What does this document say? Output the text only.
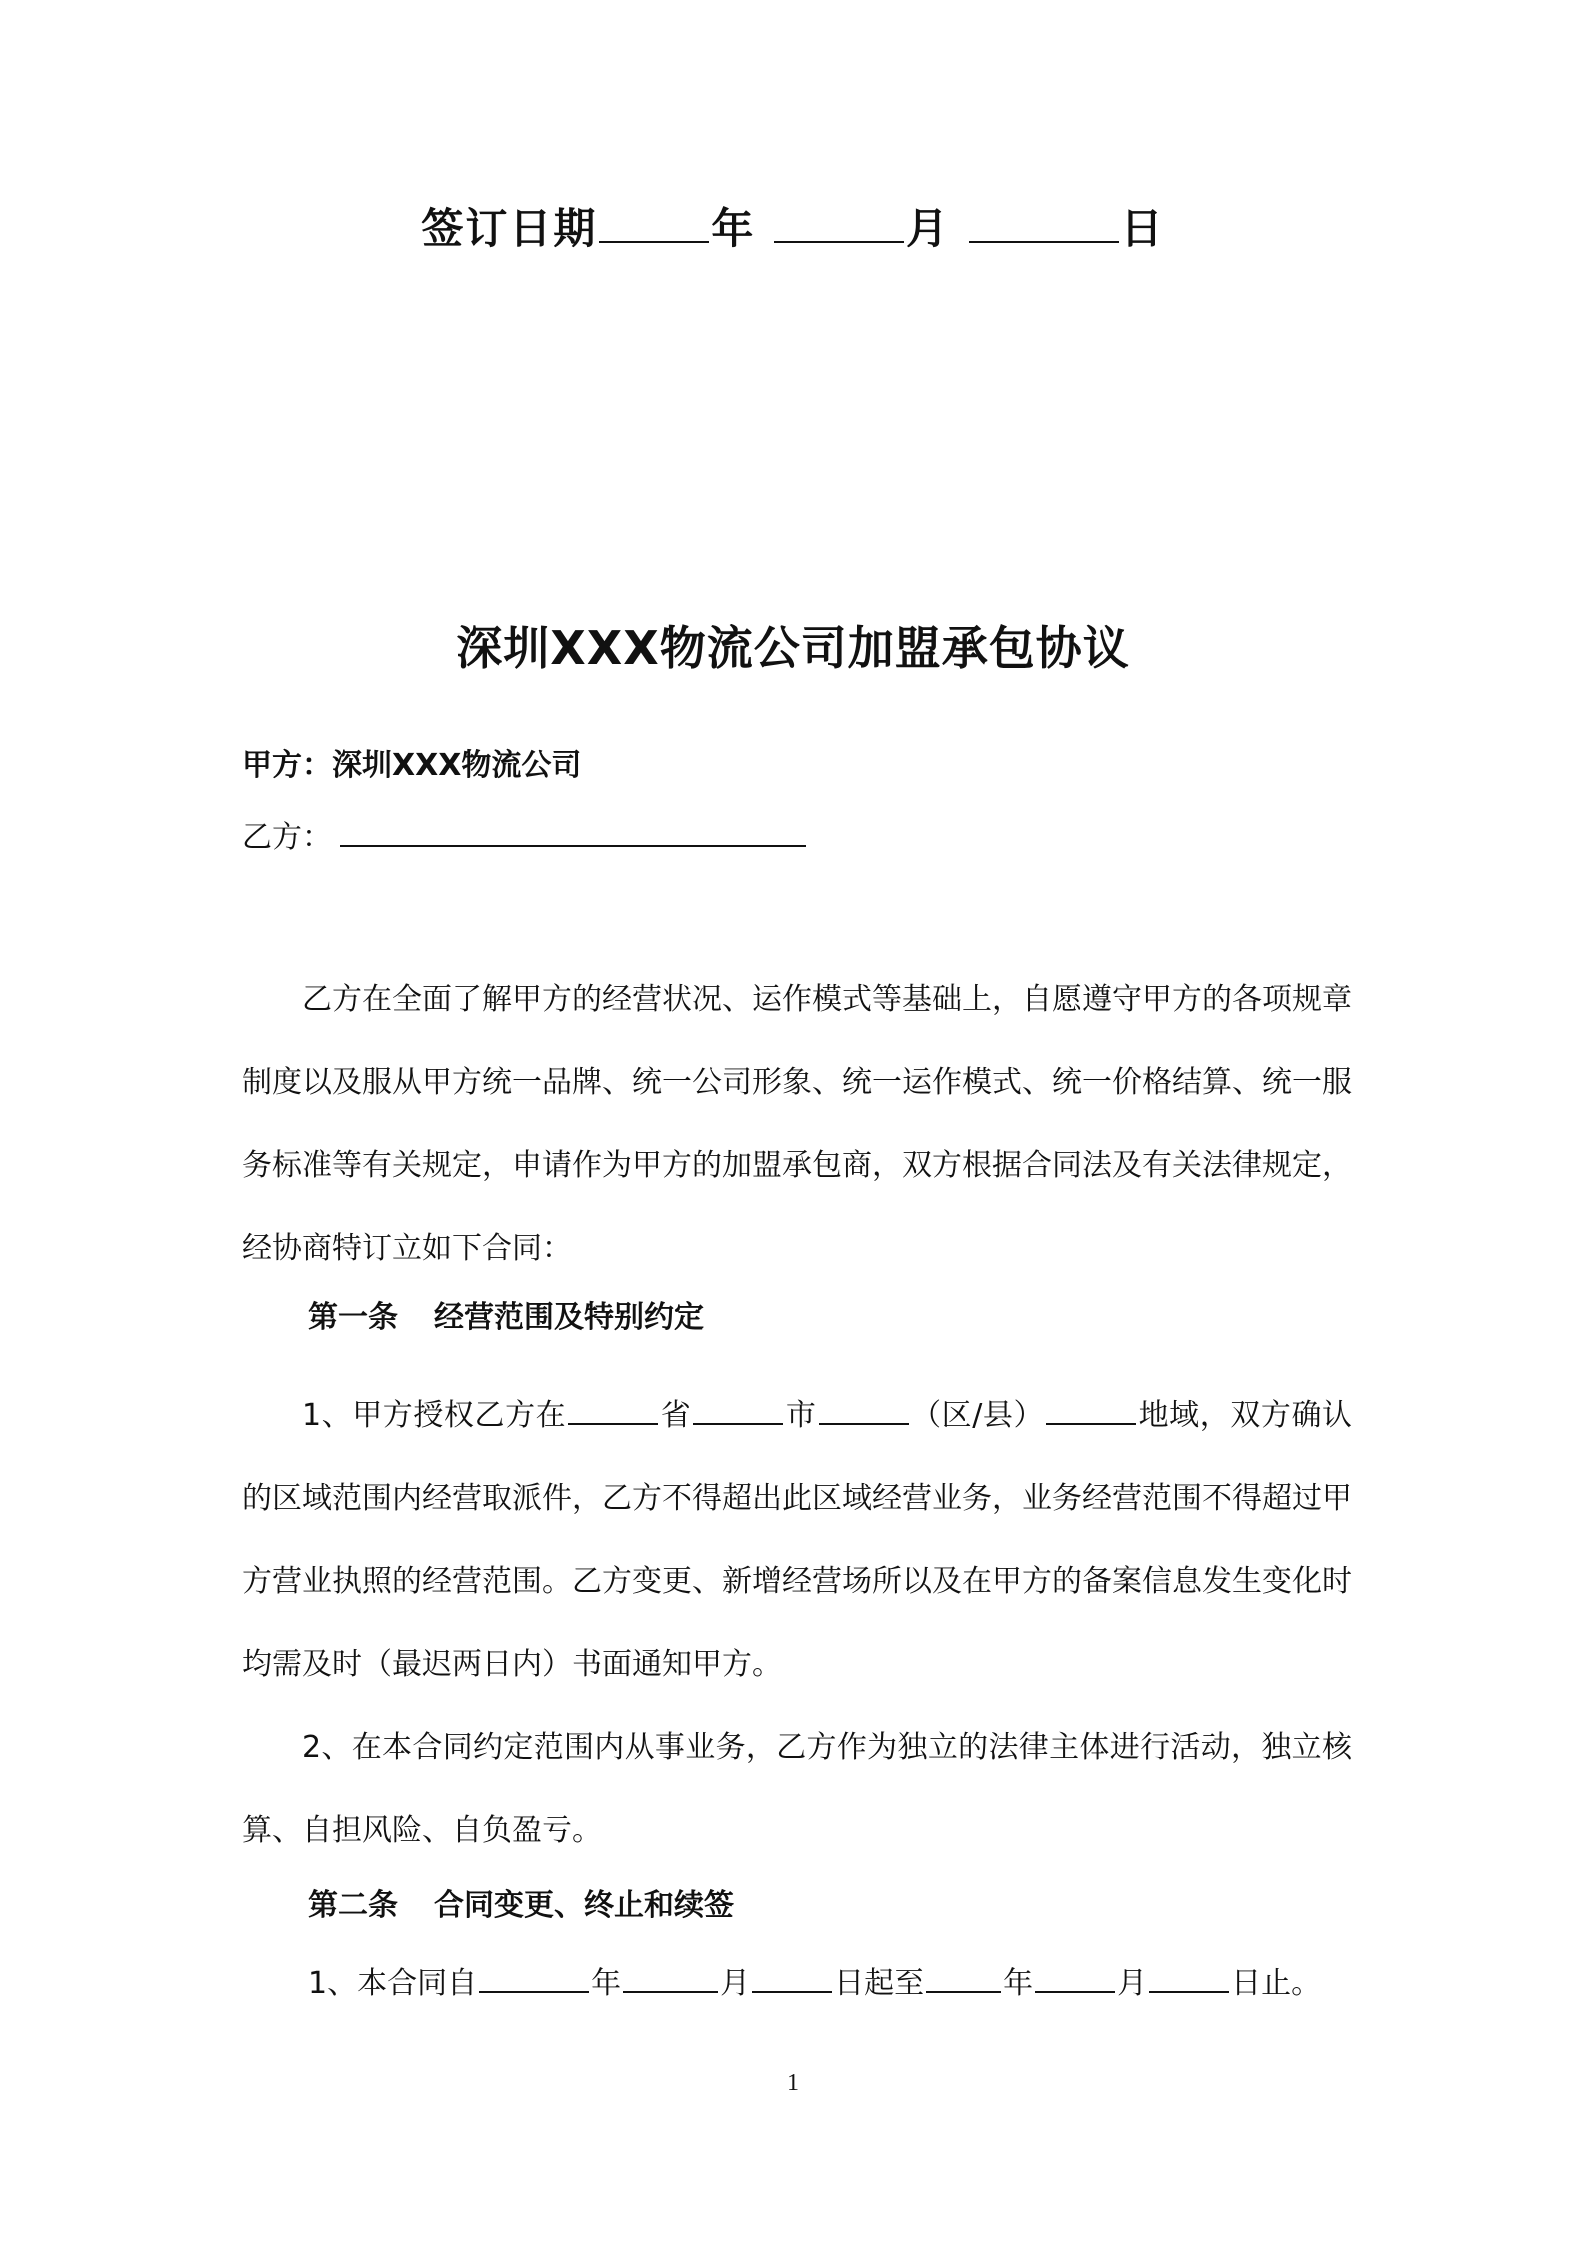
签订日期	年	月	日
深圳XXX物流公司加盟承包协议
甲方：深圳XXX物流公司
乙方：

乙方在全面了解甲方的经营状况、运作模式等基础上，自愿遵守甲方的各项规章制度以及服从甲方统一品牌、统一公司形象、统一运作模式、统一价格结算、统一服务标准等有关规定，申请作为甲方的加盟承包商，双方根据合同法及有关法律规定，经协商特订立如下合同：

第一条 经营范围及特别约定

1、甲方授权乙方在	省	市	（区/县）	地域，双方确认的区域范围内经营取派件，乙方不得超出此区域经营业务，业务经营范围不得超过甲方营业执照的经营范围。乙方变更、新增经营场所以及在甲方的备案信息发生变化时均需及时（最迟两日内）书面通知甲方。

2、在本合同约定范围内从事业务，乙方作为独立的法律主体进行活动，独立核算、自担风险、自负盈亏。

第二条 合同变更、终止和续签
1、本合同自	年	月	日起至	年	月	日止。
1
